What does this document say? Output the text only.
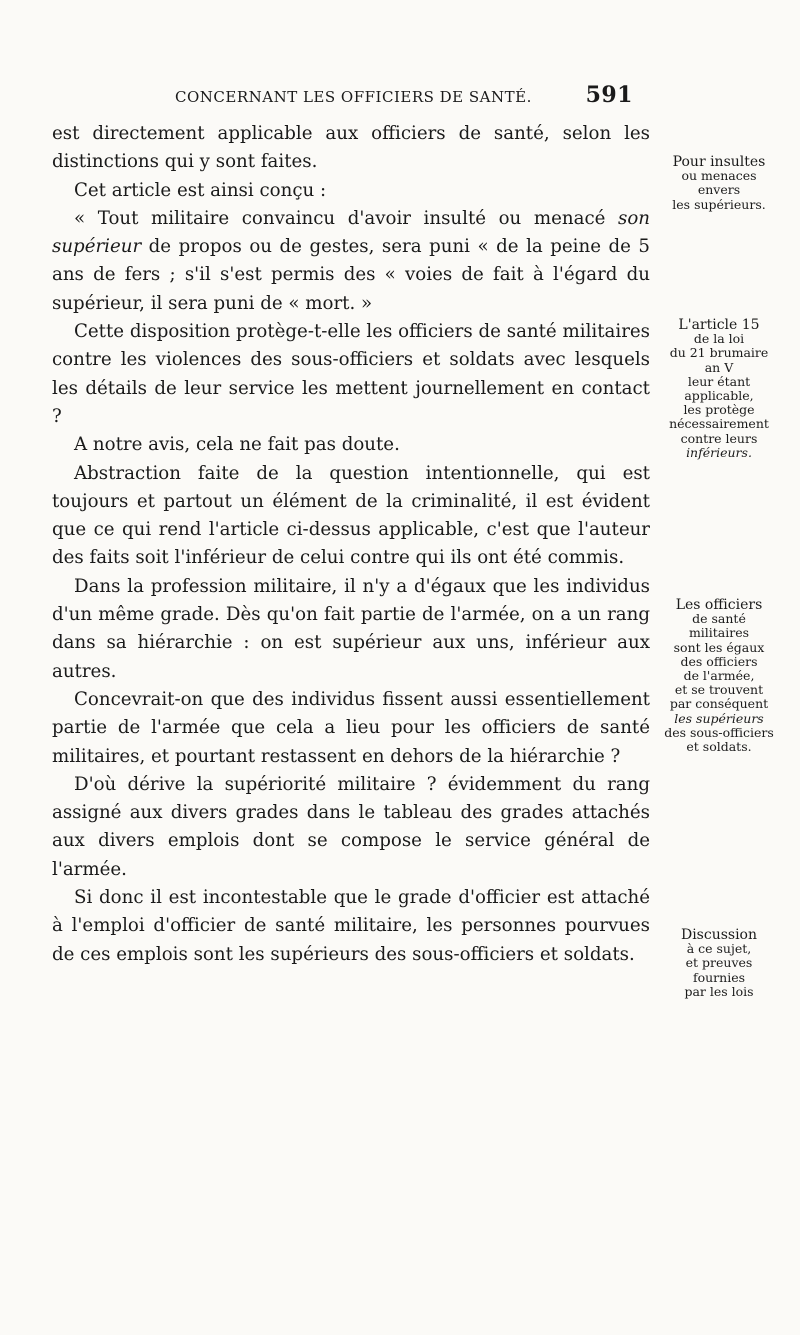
CONCERNANT LES OFFICIERS DE SANTÉ. 591

est directement applicable aux officiers de santé, selon les distinctions qui y sont faites.

Cet article est ainsi conçu :

« Tout militaire convaincu d'avoir insulté ou menacé son supérieur de propos ou de gestes, sera puni « de la peine de 5 ans de fers ; s'il s'est permis des « voies de fait à l'égard du supérieur, il sera puni de « mort. »

Cette disposition protège-t-elle les officiers de santé militaires contre les violences des sous-officiers et soldats avec lesquels les détails de leur service les mettent journellement en contact ?

A notre avis, cela ne fait pas doute.

Abstraction faite de la question intentionnelle, qui est toujours et partout un élément de la criminalité, il est évident que ce qui rend l'article ci-dessus applicable, c'est que l'auteur des faits soit l'inférieur de celui contre qui ils ont été commis.

Dans la profession militaire, il n'y a d'égaux que les individus d'un même grade. Dès qu'on fait partie de l'armée, on a un rang dans sa hiérarchie : on est supérieur aux uns, inférieur aux autres.

Concevrait-on que des individus fissent aussi essentiellement partie de l'armée que cela a lieu pour les officiers de santé militaires, et pourtant restassent en dehors de la hiérarchie ?

D'où dérive la supériorité militaire ? évidemment du rang assigné aux divers grades dans le tableau des grades attachés aux divers emplois dont se compose le service général de l'armée.

Si donc il est incontestable que le grade d'officier est attaché à l'emploi d'officier de santé militaire, les personnes pourvues de ces emplois sont les supérieurs des sous-officiers et soldats.

Pour insultes
ou menaces
envers
les supérieurs.
L'article 15
de la loi
du 21 brumaire
an V
leur étant
applicable,
les protège
nécessairement
contre leurs
inférieurs.
Les officiers
de santé
militaires
sont les égaux
des officiers
de l'armée,
et se trouvent
par conséquent
les supérieurs
des sous-officiers
et soldats.
Discussion
à ce sujet,
et preuves
fournies
par les lois
